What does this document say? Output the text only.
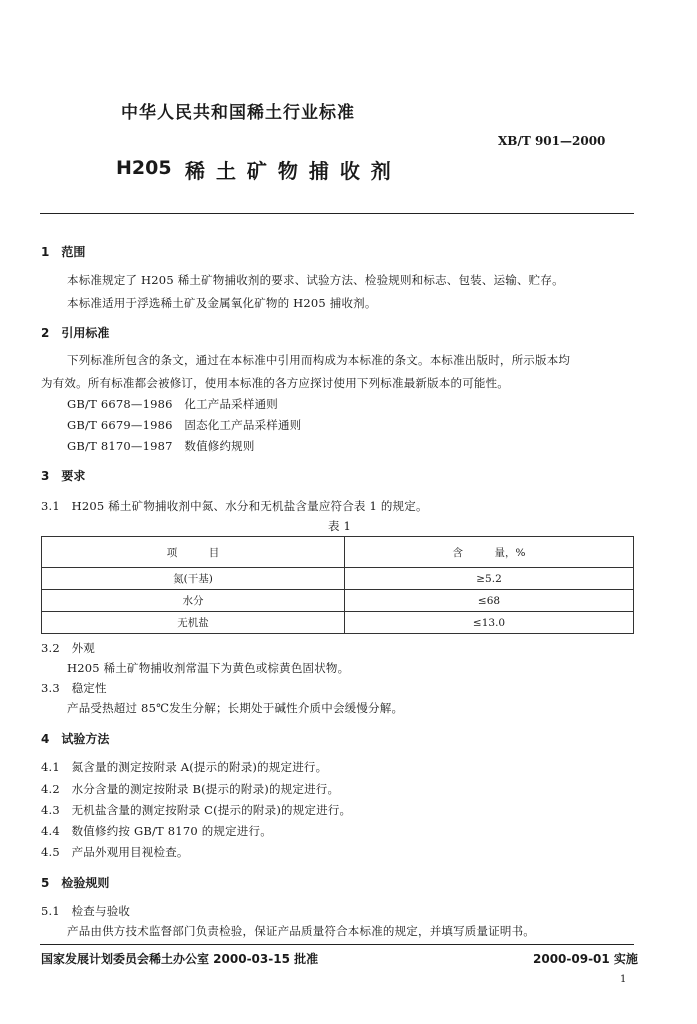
中华人民共和国稀土行业标准
XB/T 901—2000
H205 稀 土 矿 物 捕 收 剂
1　范围
本标准规定了 H205 稀土矿物捕收剂的要求、试验方法、检验规则和标志、包装、运输、贮存。
本标准适用于浮选稀土矿及金属氧化矿物的 H205 捕收剂。
2　引用标准
下列标准所包含的条文，通过在本标准中引用而构成为本标准的条文。本标准出版时，所示版本均
为有效。所有标准都会被修订，使用本标准的各方应探讨使用下列标准最新版本的可能性。
GB/T 6678—1986　化工产品采样通则
GB/T 6679—1986　固态化工产品采样通则
GB/T 8170—1987　数值修约规则
3　要求
3.1　H205 稀土矿物捕收剂中氮、水分和无机盐含量应符合表 1 的规定。
表 1
项　　　目	含　　　量，%
氮(干基)	≥5.2
水分	≤68
无机盐	≤13.0
3.2　外观
H205 稀土矿物捕收剂常温下为黄色或棕黄色固状物。
3.3　稳定性
产品受热超过 85℃发生分解；长期处于碱性介质中会缓慢分解。
4　试验方法
4.1　氮含量的测定按附录 A(提示的附录)的规定进行。
4.2　水分含量的测定按附录 B(提示的附录)的规定进行。
4.3　无机盐含量的测定按附录 C(提示的附录)的规定进行。
4.4　数值修约按 GB/T 8170 的规定进行。
4.5　产品外观用目视检查。
5　检验规则
5.1　检查与验收
产品由供方技术监督部门负责检验，保证产品质量符合本标准的规定，并填写质量证明书。
国家发展计划委员会稀土办公室 2000-03-15 批准	2000-09-01 实施
1
